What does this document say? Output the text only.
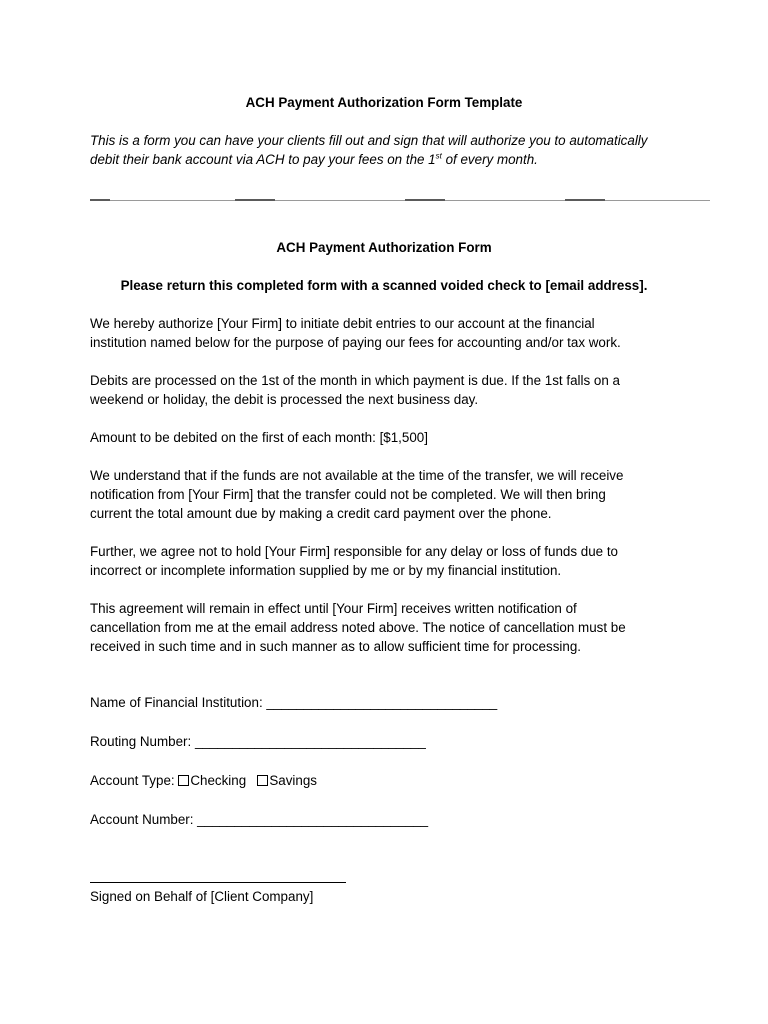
ACH Payment Authorization Form Template
This is a form you can have your clients fill out and sign that will authorize you to automatically
debit their bank account via ACH to pay your fees on the 1st of every month.
ACH Payment Authorization Form
Please return this completed form with a scanned voided check to [email address].
We hereby authorize [Your Firm] to initiate debit entries to our account at the financial
institution named below for the purpose of paying our fees for accounting and/or tax work.
Debits are processed on the 1st of the month in which payment is due. If the 1st falls on a
weekend or holiday, the debit is processed the next business day.
Amount to be debited on the first of each month: [$1,500]
We understand that if the funds are not available at the time of the transfer, we will receive
notification from [Your Firm] that the transfer could not be completed. We will then bring
current the total amount due by making a credit card payment over the phone.
Further, we agree not to hold [Your Firm] responsible for any delay or loss of funds due to
incorrect or incomplete information supplied by me or by my financial institution.
This agreement will remain in effect until [Your Firm] receives written notification of
cancellation from me at the email address noted above. The notice of cancellation must be
received in such time and in such manner as to allow sufficient time for processing.
Name of Financial Institution: _______________________________
Routing Number: _______________________________
Account Type: Checking Savings
Account Number: _______________________________
Signed on Behalf of [Client Company]
